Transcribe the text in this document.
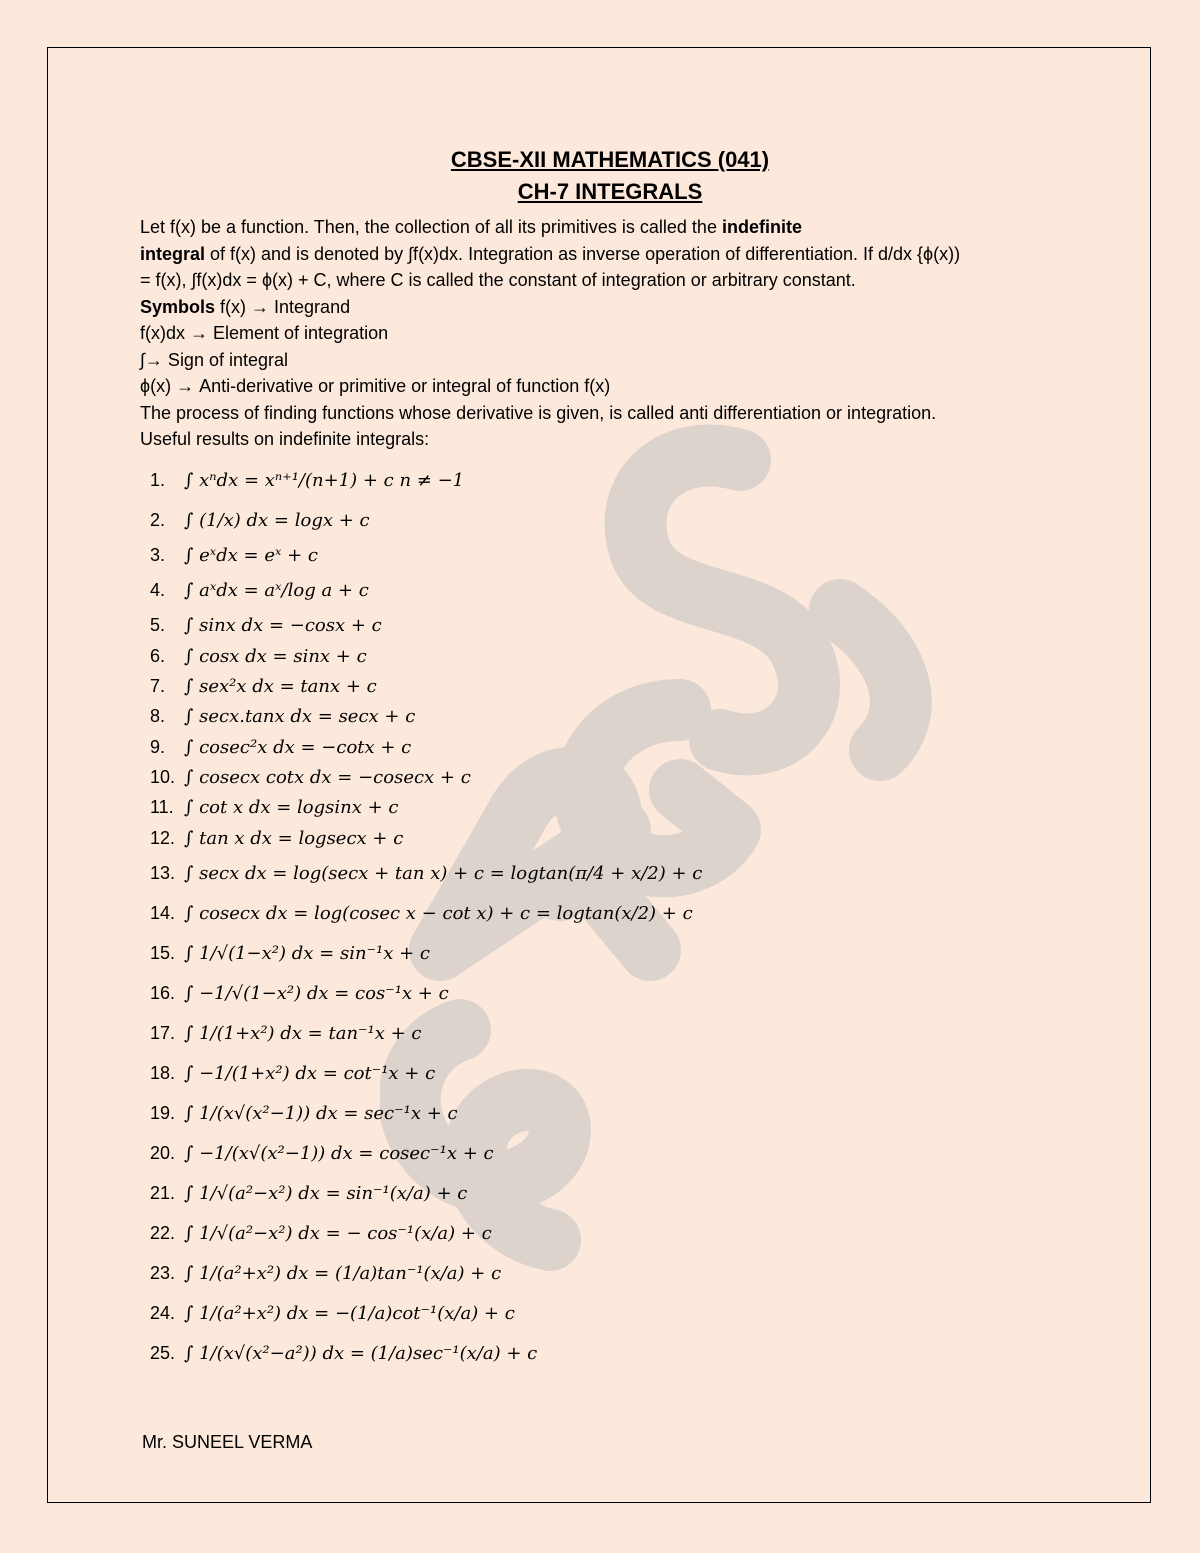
CBSE-XII MATHEMATICS (041)

CH-7 INTEGRALS

Let f(x) be a function. Then, the collection of all its primitives is called the indefinite

integral of f(x) and is denoted by ∫f(x)dx. Integration as inverse operation of differentiation. If d/dx {ϕ(x))

= f(x), ∫f(x)dx = ϕ(x) + C, where C is called the constant of integration or arbitrary constant.

Symbols f(x) → Integrand

f(x)dx → Element of integration

∫→ Sign of integral

ϕ(x) → Anti-derivative or primitive or integral of function f(x)

The process of finding functions whose derivative is given, is called anti differentiation or integration.

Useful results on indefinite integrals:

1.	∫ xⁿdx = xⁿ⁺¹/(n+1) + c n ≠ −1
2.	∫ (1/x) dx = logx + c
3.	∫ eˣdx = eˣ + c
4.	∫ aˣdx = aˣ/log a + c
5.	∫ sinx dx = −cosx + c
6.	∫ cosx dx = sinx + c
7.	∫ sex²x dx = tanx + c
8.	∫ secx.tanx dx = secx + c
9.	∫ cosec²x dx = −cotx + c
10. ∫ cosecx cotx dx = −cosecx + c
11. ∫ cot x dx = logsinx + c
12. ∫ tan x dx = logsecx + c
13. ∫ secx dx = log(secx + tan x) + c = logtan(π/4 + x/2) + c
14. ∫ cosecx dx = log(cosec x − cot x) + c = logtan(x/2) + c
15. ∫ 1/√(1−x²) dx = sin⁻¹x + c
16. ∫ −1/√(1−x²) dx = cos⁻¹x + c
17. ∫ 1/(1+x²) dx = tan⁻¹x + c
18. ∫ −1/(1+x²) dx = cot⁻¹x + c
19. ∫ 1/(x√(x²−1)) dx = sec⁻¹x + c
20. ∫ −1/(x√(x²−1)) dx = cosec⁻¹x + c
21. ∫ 1/√(a²−x²) dx = sin⁻¹(x/a) + c
22. ∫ 1/√(a²−x²) dx = − cos⁻¹(x/a) + c
23. ∫ 1/(a²+x²) dx = (1/a)tan⁻¹(x/a) + c
24. ∫ 1/(a²+x²) dx = −(1/a)cot⁻¹(x/a) + c
25. ∫ 1/(x√(x²−a²)) dx = (1/a)sec⁻¹(x/a) + c
Mr. SUNEEL VERMA
